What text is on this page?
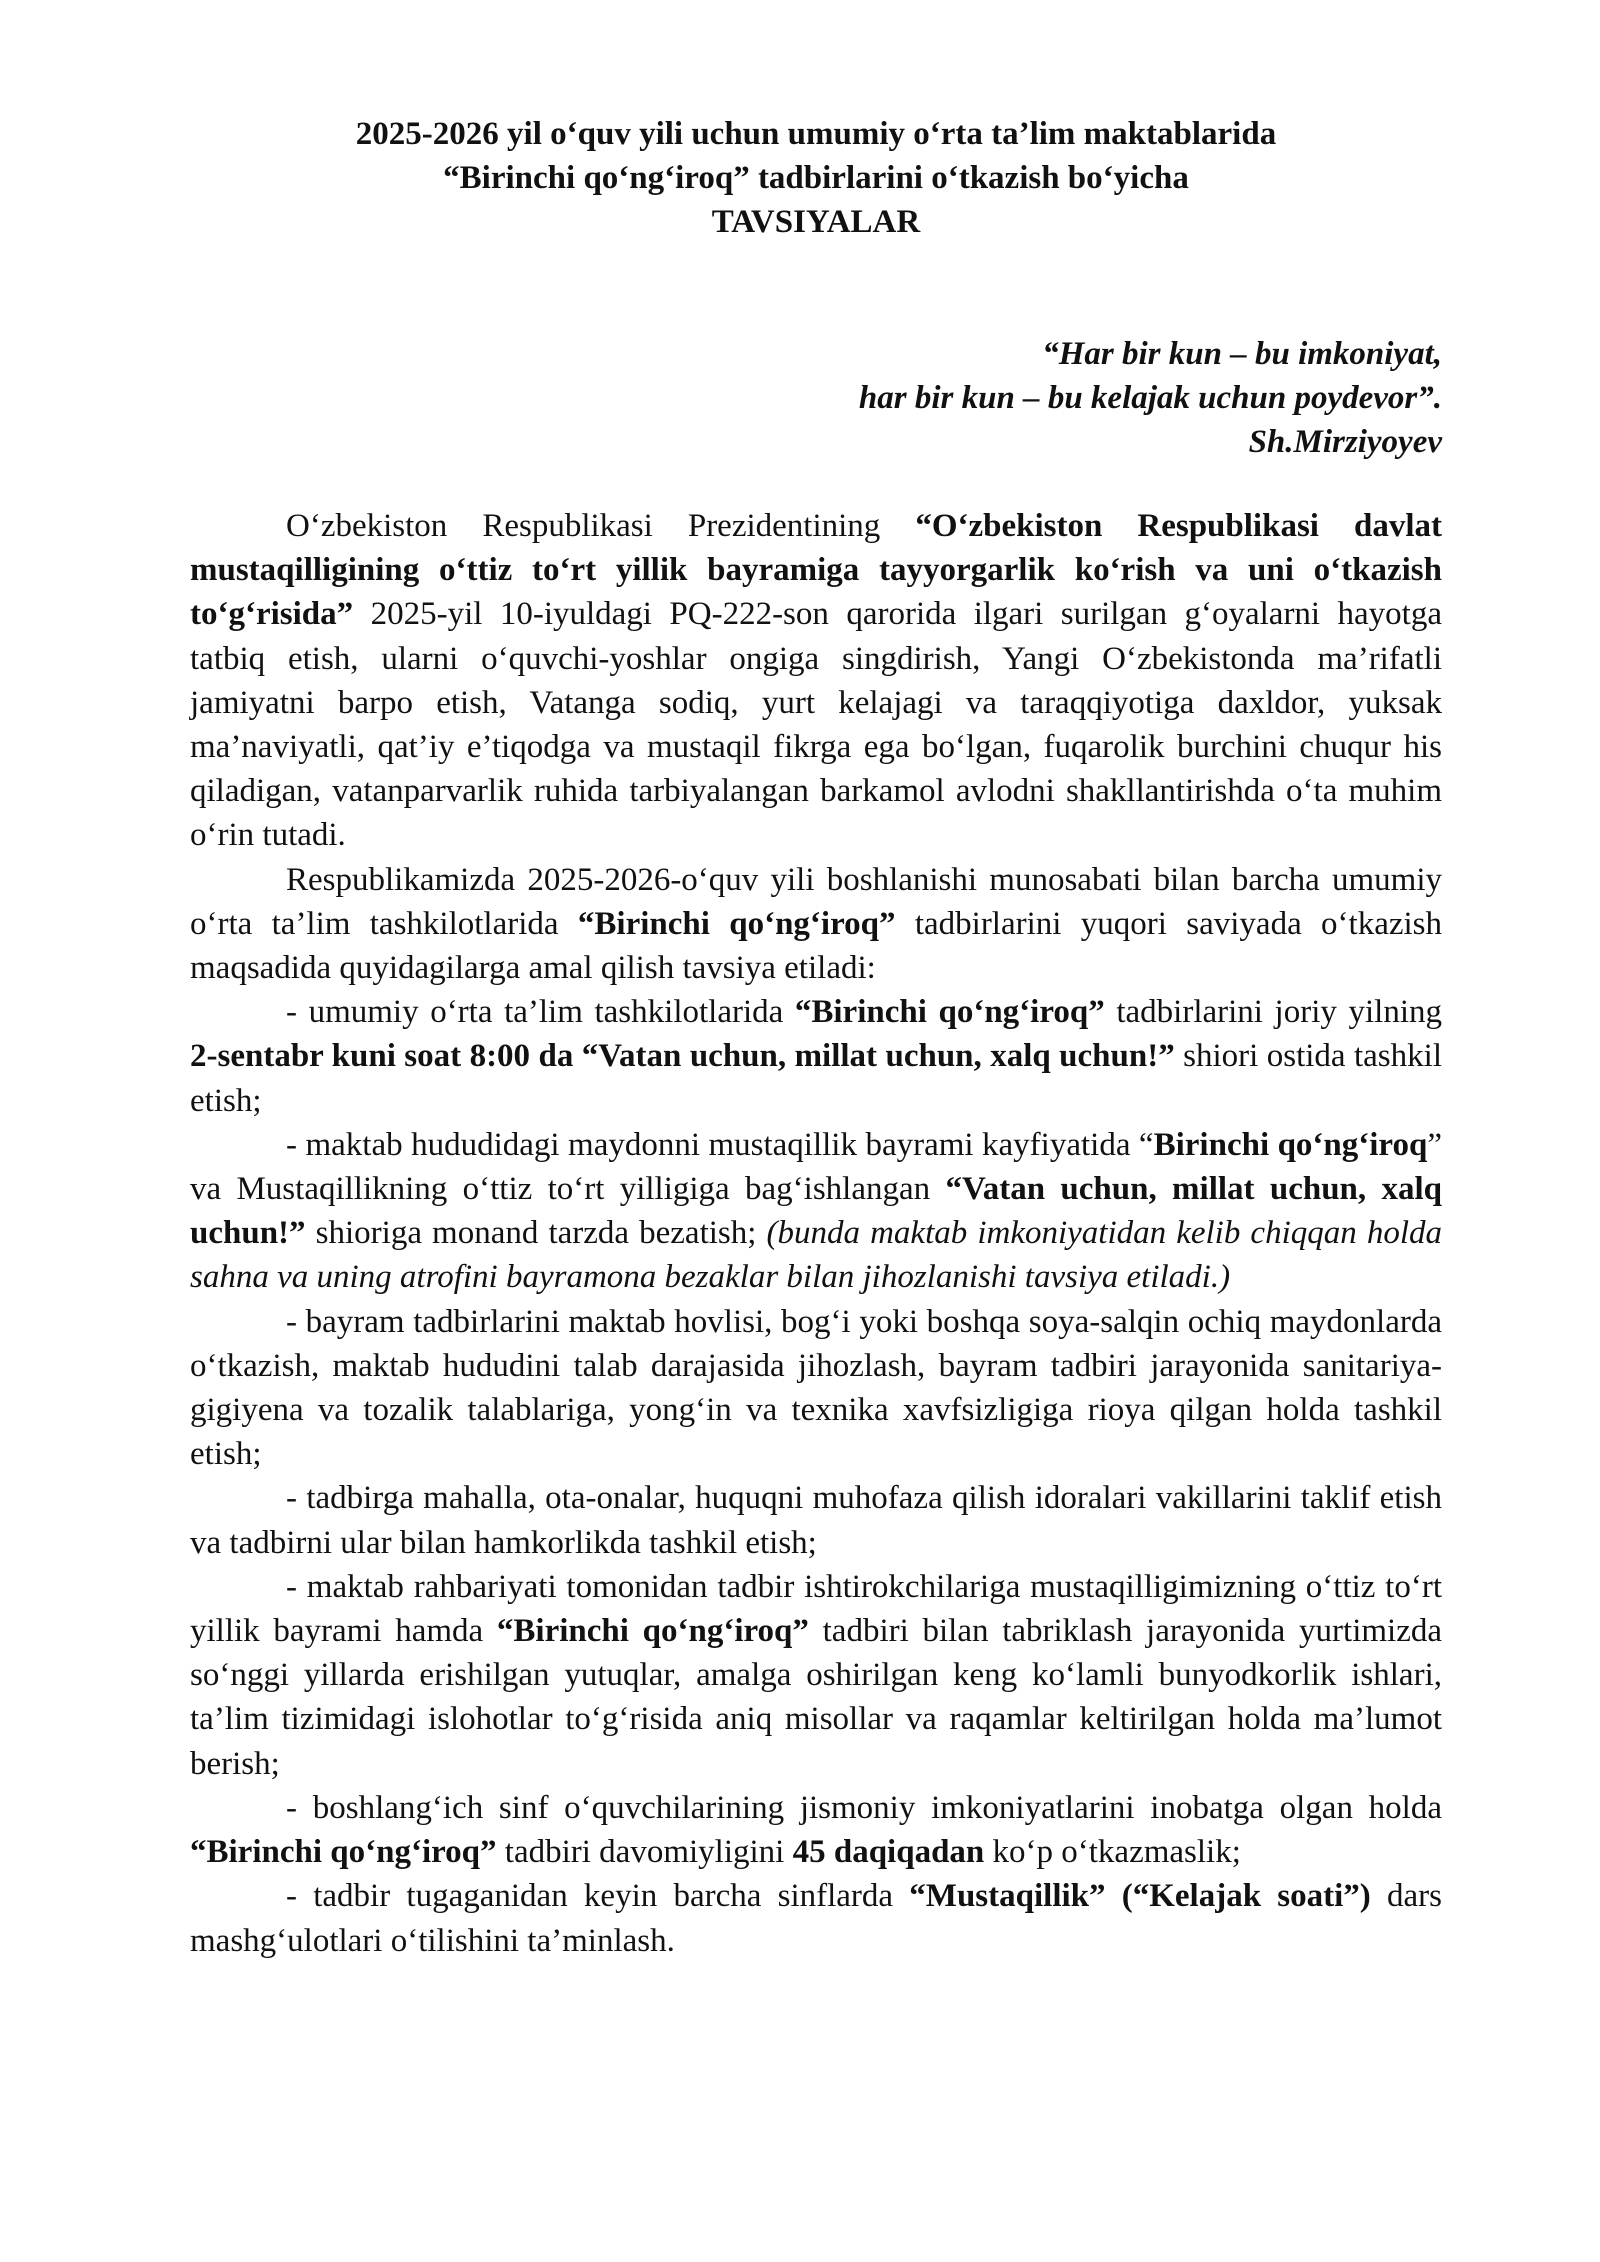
2025-2026 yil o‘quv yili uchun umumiy o‘rta ta’lim maktablarida
“Birinchi qo‘ng‘iroq” tadbirlarini o‘tkazish bo‘yicha
TAVSIYALAR
“Har bir kun – bu imkoniyat,
har bir kun – bu kelajak uchun poydevor”.
Sh.Mirziyoyev

O‘zbekiston Respublikasi Prezidentining “O‘zbekiston Respublikasi davlat mustaqilligining o‘ttiz to‘rt yillik bayramiga tayyorgarlik ko‘rish va uni o‘tkazish to‘g‘risida” 2025-yil 10-iyuldagi PQ-222-son qarorida ilgari surilgan g‘oyalarni hayotga tatbiq etish, ularni o‘quvchi-yoshlar ongiga singdirish, Yangi O‘zbekistonda ma’rifatli jamiyatni barpo etish, Vatanga sodiq, yurt kelajagi va taraqqiyotiga daxldor, yuksak ma’naviyatli, qat’iy e’tiqodga va mustaqil fikrga ega bo‘lgan, fuqarolik burchini chuqur his qiladigan, vatanparvarlik ruhida tarbiyalangan barkamol avlodni shakllantirishda o‘ta muhim o‘rin tutadi.

Respublikamizda 2025-2026-o‘quv yili boshlanishi munosabati bilan barcha umumiy o‘rta ta’lim tashkilotlarida “Birinchi qo‘ng‘iroq” tadbirlarini yuqori saviyada o‘tkazish maqsadida quyidagilarga amal qilish tavsiya etiladi:

- umumiy o‘rta ta’lim tashkilotlarida “Birinchi qo‘ng‘iroq” tadbirlarini joriy yilning 2-sentabr kuni soat 8:00 da “Vatan uchun, millat uchun, xalq uchun!” shiori ostida tashkil etish;

- maktab hududidagi maydonni mustaqillik bayrami kayfiyatida “Birinchi qo‘ng‘iroq” va Mustaqillikning o‘ttiz to‘rt yilligiga bag‘ishlangan “Vatan uchun, millat uchun, xalq uchun!” shioriga monand tarzda bezatish; (bunda maktab imkoniyatidan kelib chiqqan holda sahna va uning atrofini bayramona bezaklar bilan jihozlanishi tavsiya etiladi.)

- bayram tadbirlarini maktab hovlisi, bog‘i yoki boshqa soya-salqin ochiq maydonlarda o‘tkazish, maktab hududini talab darajasida jihozlash, bayram tadbiri jarayonida sanitariya-gigiyena va tozalik talablariga, yong‘in va texnika xavfsizligiga rioya qilgan holda tashkil etish;

- tadbirga mahalla, ota-onalar, huquqni muhofaza qilish idoralari vakillarini taklif etish va tadbirni ular bilan hamkorlikda tashkil etish;

- maktab rahbariyati tomonidan tadbir ishtirokchilariga mustaqilligimizning o‘ttiz to‘rt yillik bayrami hamda “Birinchi qo‘ng‘iroq” tadbiri bilan tabriklash jarayonida yurtimizda so‘nggi yillarda erishilgan yutuqlar, amalga oshirilgan keng ko‘lamli bunyodkorlik ishlari, ta’lim tizimidagi islohotlar to‘g‘risida aniq misollar va raqamlar keltirilgan holda ma’lumot berish;

- boshlang‘ich sinf o‘quvchilarining jismoniy imkoniyatlarini inobatga olgan holda “Birinchi qo‘ng‘iroq” tadbiri davomiyligini 45 daqiqadan ko‘p o‘tkazmaslik;

- tadbir tugaganidan keyin barcha sinflarda “Mustaqillik” (“Kelajak soati”) dars mashg‘ulotlari o‘tilishini ta’minlash.
